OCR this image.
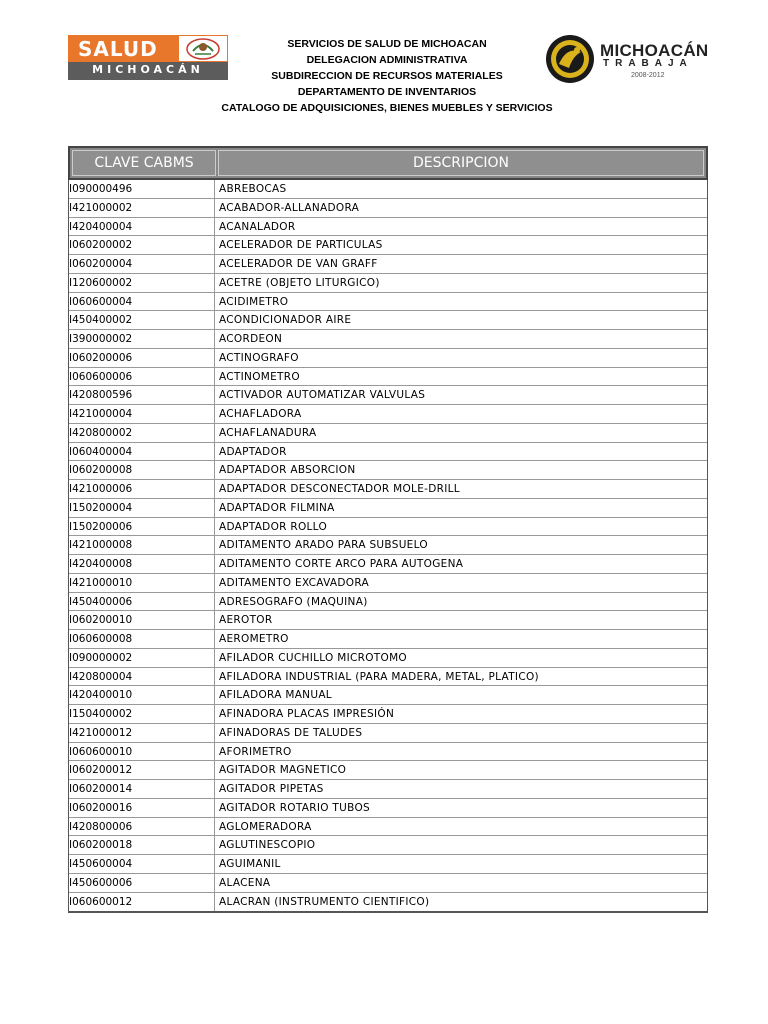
SALUD
MICHOACÁN
SERVICIOS DE SALUD DE MICHOACAN
DELEGACION ADMINISTRATIVA
SUBDIRECCION DE RECURSOS MATERIALES
DEPARTAMENTO DE INVENTARIOS
CATALOGO DE ADQUISICIONES, BIENES MUEBLES Y SERVICIOS
MICHOACÁN
TRABAJA
2008-2012
CLAVE CABMS	DESCRIPCION
I090000496	ABREBOCAS
I421000002	ACABADOR-ALLANADORA
I420400004	ACANALADOR
I060200002	ACELERADOR DE PARTICULAS
I060200004	ACELERADOR DE VAN GRAFF
I120600002	ACETRE (OBJETO LITURGICO)
I060600004	ACIDIMETRO
I450400002	ACONDICIONADOR AIRE
I390000002	ACORDEON
I060200006	ACTINOGRAFO
I060600006	ACTINOMETRO
I420800596	ACTIVADOR AUTOMATIZAR VALVULAS
I421000004	ACHAFLADORA
I420800002	ACHAFLANADURA
I060400004	ADAPTADOR
I060200008	ADAPTADOR ABSORCION
I421000006	ADAPTADOR DESCONECTADOR MOLE-DRILL
I150200004	ADAPTADOR FILMINA
I150200006	ADAPTADOR ROLLO
I421000008	ADITAMENTO ARADO PARA SUBSUELO
I420400008	ADITAMENTO CORTE ARCO PARA AUTOGENA
I421000010	ADITAMENTO EXCAVADORA
I450400006	ADRESOGRAFO (MAQUINA)
I060200010	AEROTOR
I060600008	AEROMETRO
I090000002	AFILADOR CUCHILLO MICROTOMO
I420800004	AFILADORA INDUSTRIAL (PARA MADERA, METAL, PLATICO)
I420400010	AFILADORA MANUAL
I150400002	AFINADORA PLACAS IMPRESIÓN
I421000012	AFINADORAS DE TALUDES
I060600010	AFORIMETRO
I060200012	AGITADOR MAGNETICO
I060200014	AGITADOR PIPETAS
I060200016	AGITADOR ROTARIO TUBOS
I420800006	AGLOMERADORA
I060200018	AGLUTINESCOPIO
I450600004	AGUIMANIL
I450600006	ALACENA
I060600012	ALACRAN (INSTRUMENTO CIENTIFICO)
